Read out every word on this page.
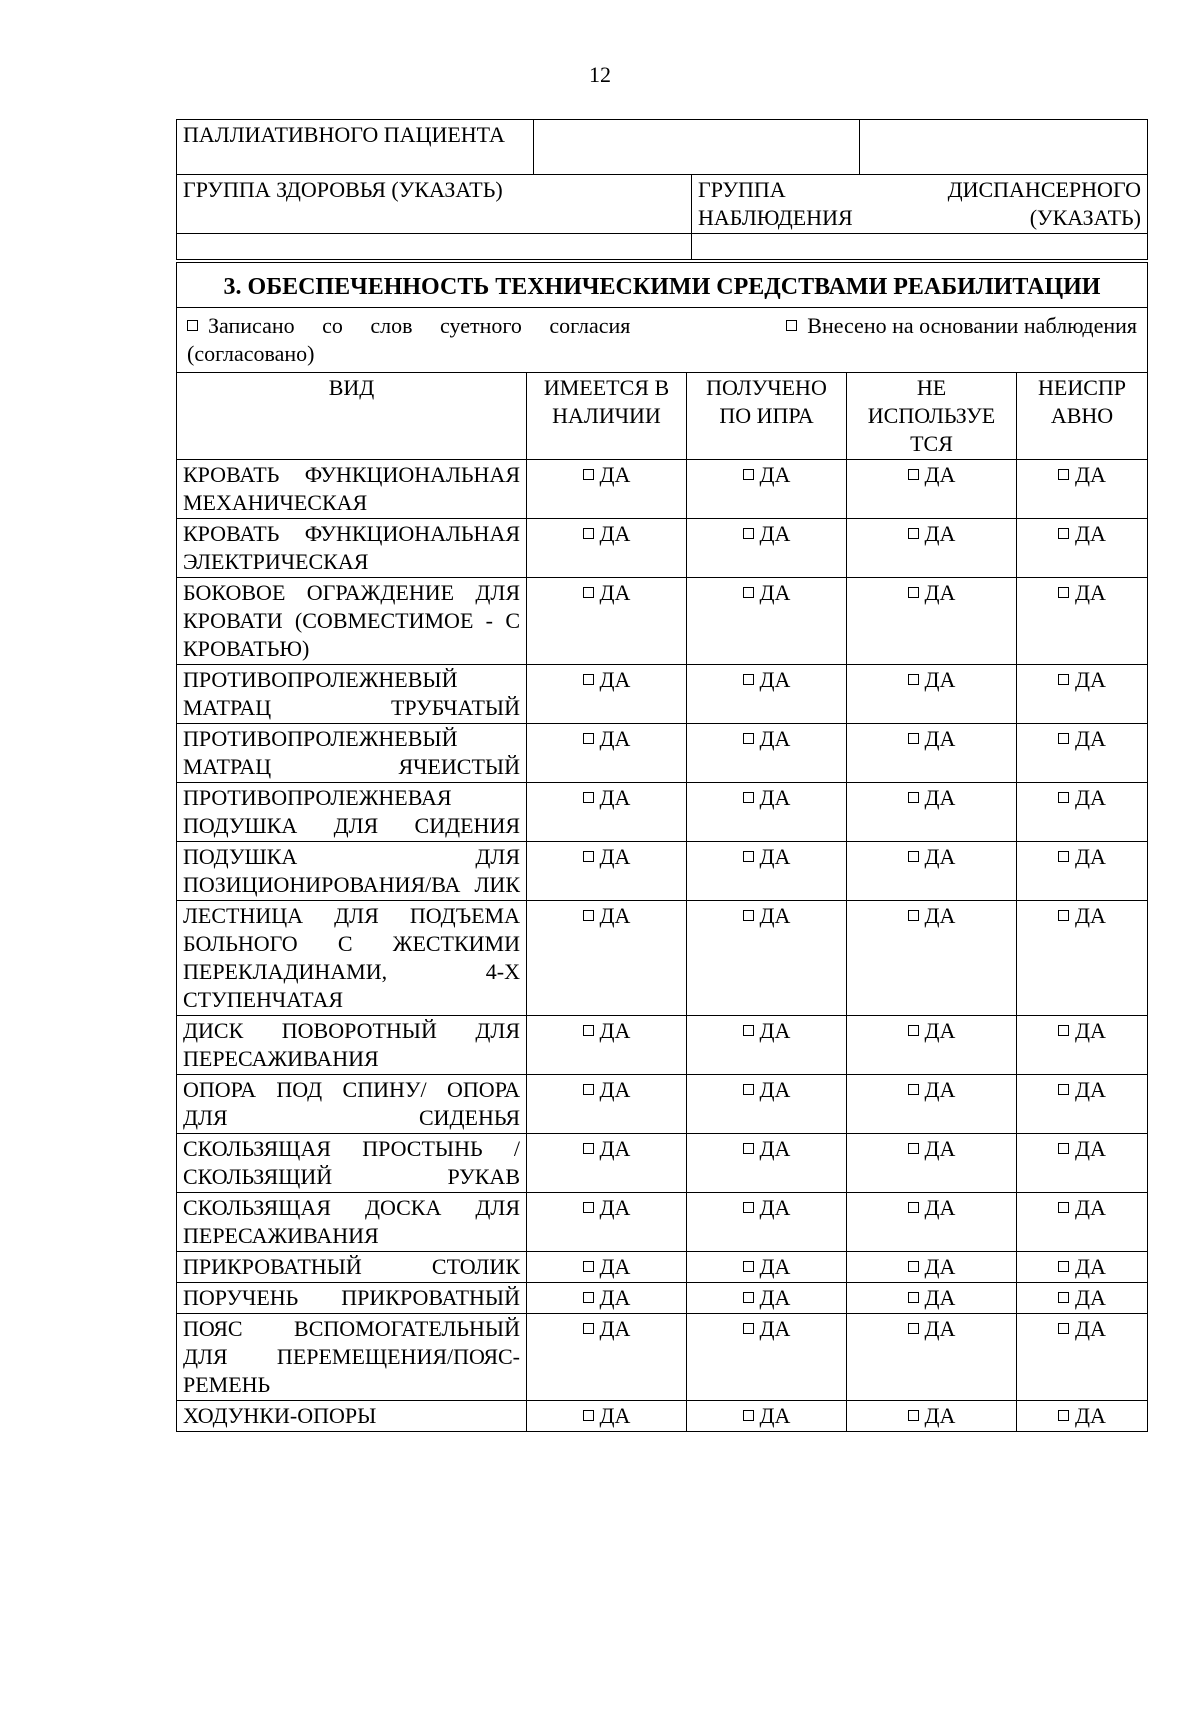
12
ПАЛЛИАТИВНОГО ПАЦИЕНТА			
ГРУППА ЗДОРОВЬЯ (УКАЗАТЬ)		ГРУППА ДИСПАНСЕРНОГО НАБЛЮДЕНИЯ (УКАЗАТЬ)	

3. ОБЕСПЕЧЕННОСТЬ ТЕХНИЧЕСКИМИ СРЕДСТВАМИ РЕАБИЛИТАЦИИ				

Записано со слов суетного согласия Внесено на основании наблюдения
(согласовано)				

ВИД	ИМЕЕТСЯ В НАЛИЧИИ	ПОЛУЧЕНО ПО ИПРА	НЕ ИСПОЛЬЗУЕ ТСЯ	НЕИСПР АВНО
КРОВАТЬ ФУНКЦИОНАЛЬНАЯ МЕХАНИЧЕСКАЯ	ДА	ДА	ДА	ДА
КРОВАТЬ ФУНКЦИОНАЛЬНАЯ ЭЛЕКТРИЧЕСКАЯ	ДА	ДА	ДА	ДА
БОКОВОЕ ОГРАЖДЕНИЕ ДЛЯ КРОВАТИ (СОВМЕСТИМОЕ - С КРОВАТЬЮ)	ДА	ДА	ДА	ДА
ПРОТИВОПРОЛЕЖНЕВЫЙ МАТРАЦ ТРУБЧАТЫЙ	ДА	ДА	ДА	ДА
ПРОТИВОПРОЛЕЖНЕВЫЙ МАТРАЦ ЯЧЕИСТЫЙ	ДА	ДА	ДА	ДА
ПРОТИВОПРОЛЕЖНЕВАЯ ПОДУШКА ДЛЯ СИДЕНИЯ	ДА	ДА	ДА	ДА
ПОДУШКА ДЛЯ ПОЗИЦИОНИРОВАНИЯ/ВА ЛИК	ДА	ДА	ДА	ДА
ЛЕСТНИЦА ДЛЯ ПОДЪЕМА БОЛЬНОГО С ЖЕСТКИМИ ПЕРЕКЛАДИНАМИ, 4-Х СТУПЕНЧАТАЯ	ДА	ДА	ДА	ДА
ДИСК ПОВОРОТНЫЙ ДЛЯ ПЕРЕСАЖИВАНИЯ	ДА	ДА	ДА	ДА
ОПОРА ПОД СПИНУ/ ОПОРА ДЛЯ СИДЕНЬЯ	ДА	ДА	ДА	ДА
СКОЛЬЗЯЩАЯ ПРОСТЫНЬ /СКОЛЬЗЯЩИЙ РУКАВ	ДА	ДА	ДА	ДА
СКОЛЬЗЯЩАЯ ДОСКА ДЛЯ ПЕРЕСАЖИВАНИЯ	ДА	ДА	ДА	ДА
ПРИКРОВАТНЫЙ СТОЛИК	ДА	ДА	ДА	ДА
ПОРУЧЕНЬ ПРИКРОВАТНЫЙ	ДА	ДА	ДА	ДА
ПОЯС ВСПОМОГАТЕЛЬНЫЙ ДЛЯ ПЕРЕМЕЩЕНИЯ/ПОЯС-РЕМЕНЬ	ДА	ДА	ДА	ДА
ХОДУНКИ-ОПОРЫ	ДА	ДА	ДА	ДА
